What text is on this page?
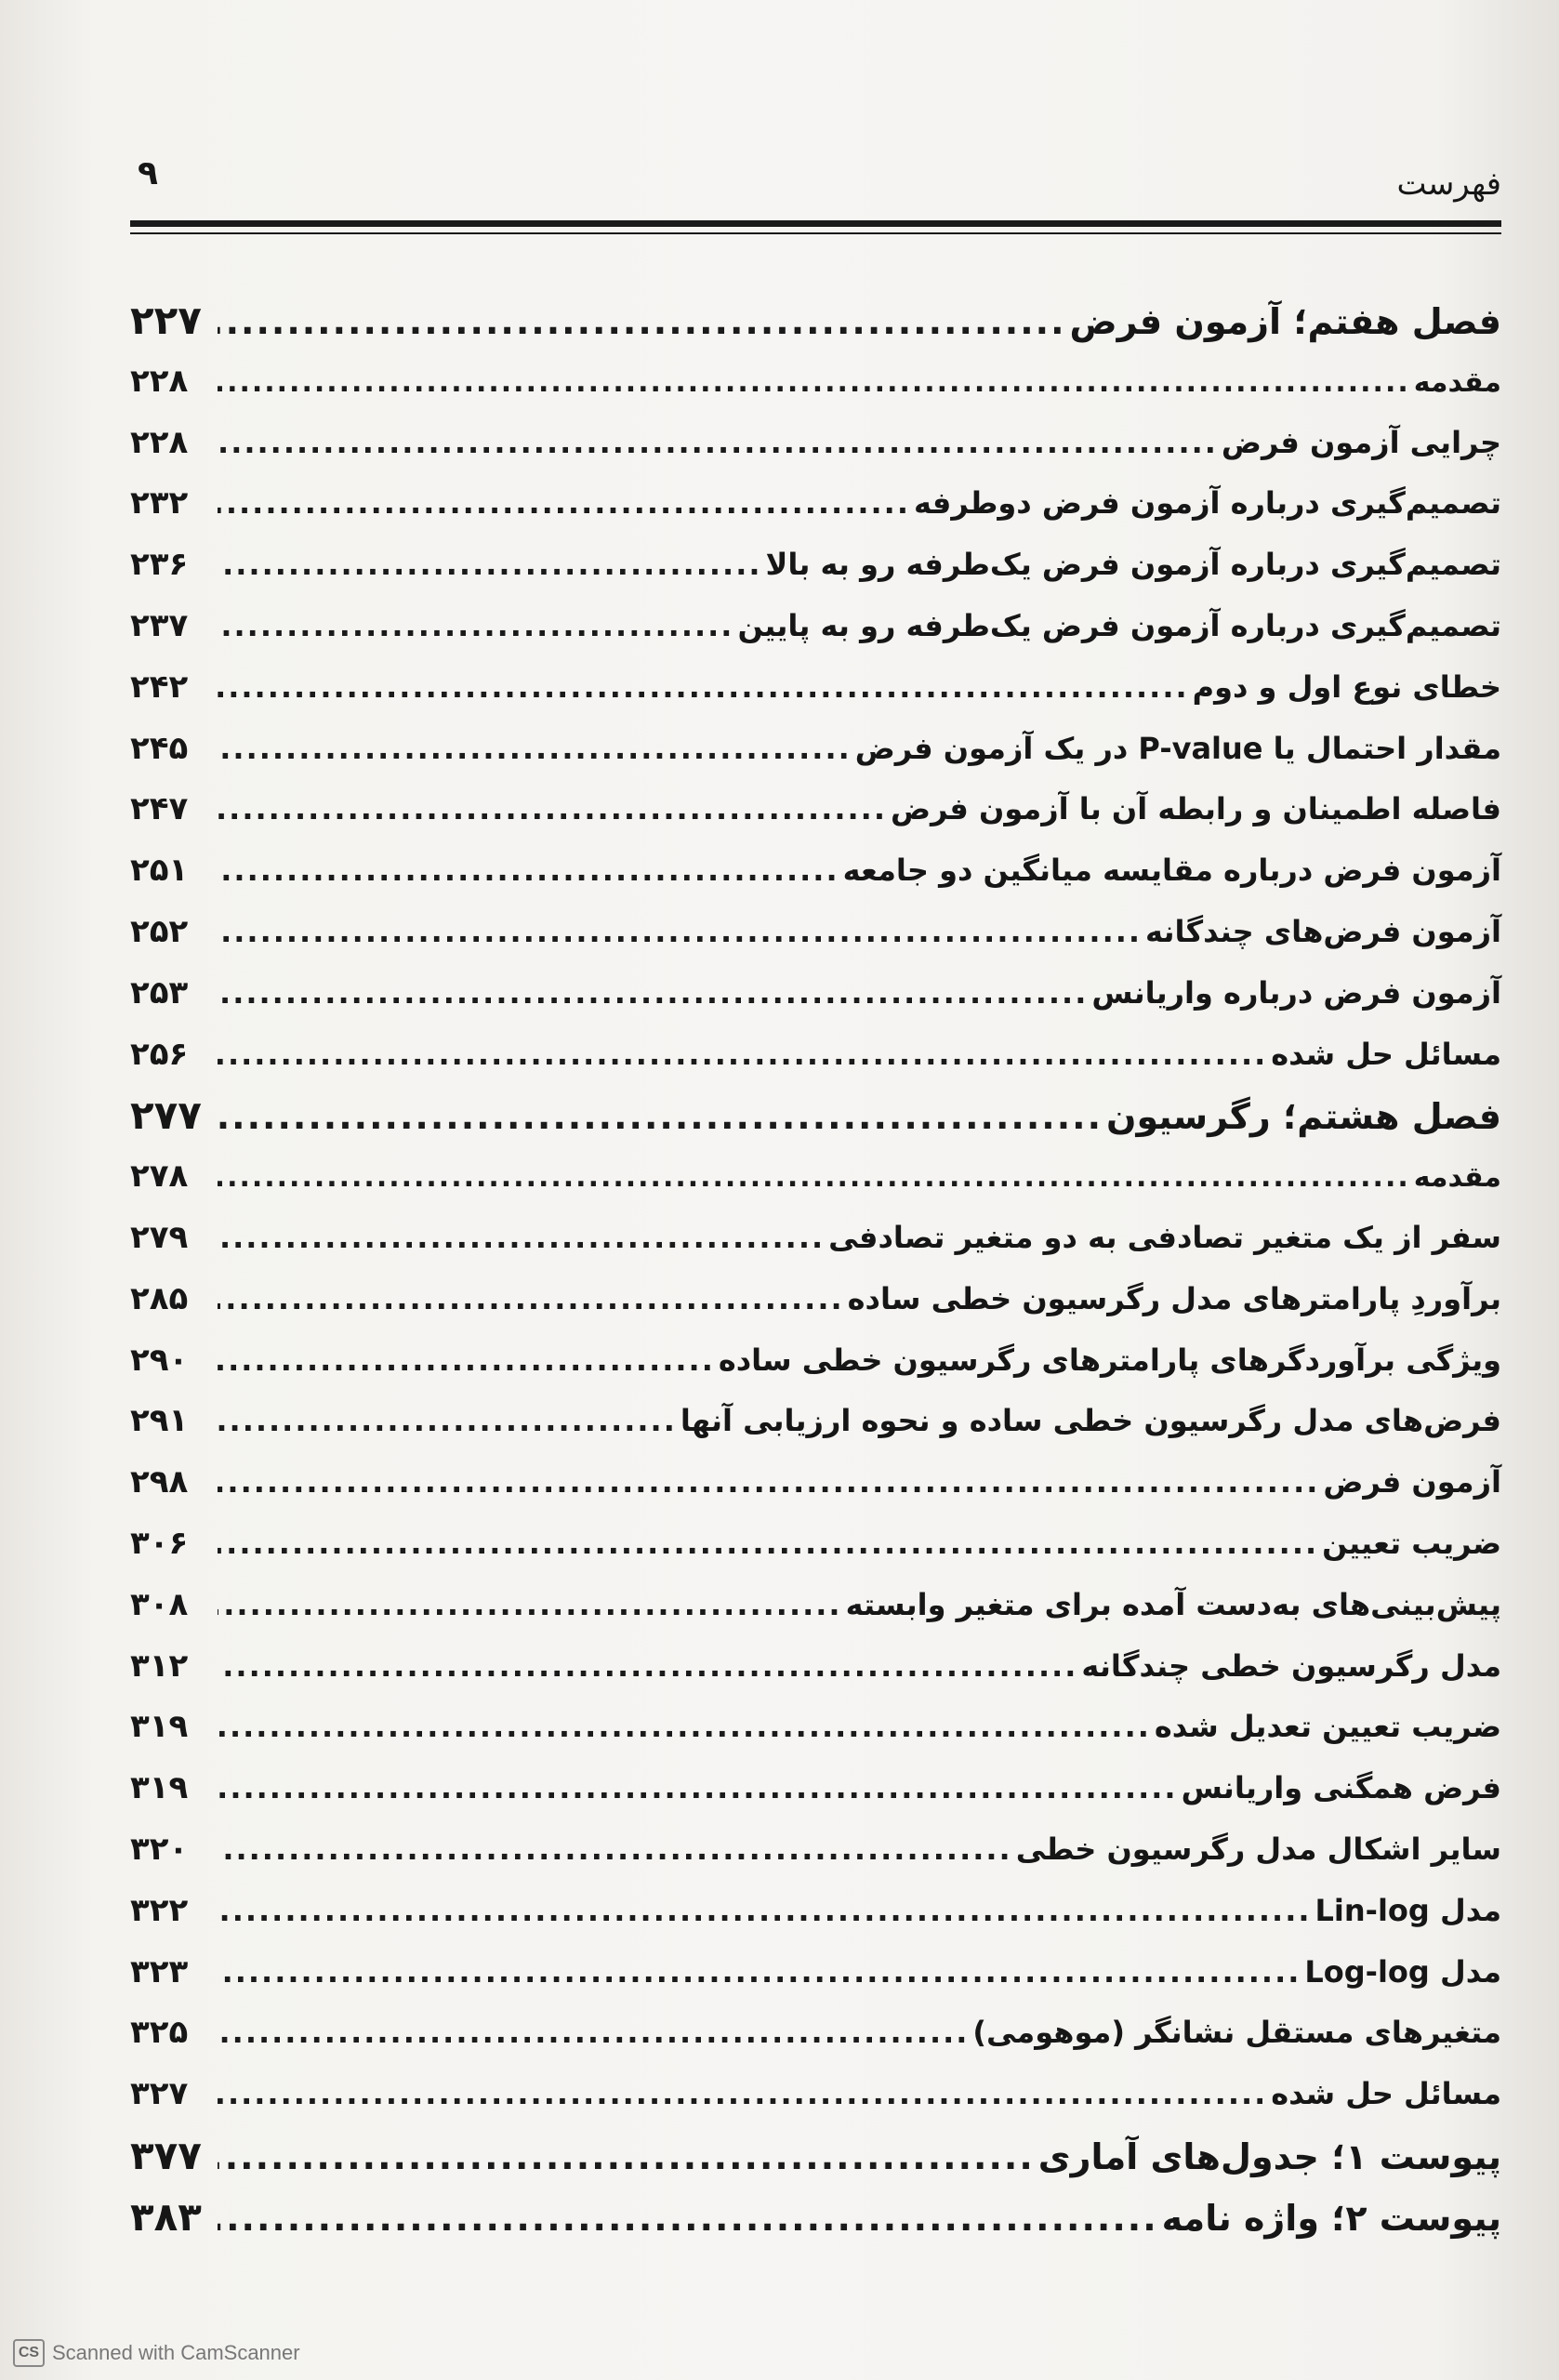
فهرست
۹
فصل هفتم؛ آزمون فرض
.....
۲۲۷
مقدمه
.....
۲۲۸
چرایی آزمون فرض
.....
۲۲۸
تصمیم‌گیری درباره آزمون فرض دوطرفه
.....
۲۳۲
تصمیم‌گیری درباره آزمون فرض یک‌طرفه رو به بالا
.....
۲۳۶
تصمیم‌گیری درباره آزمون فرض یک‌طرفه رو به پایین
.....
۲۳۷
خطای نوع اول و دوم
.....
۲۴۲
مقدار احتمال یا P-value در یک آزمون فرض
.....
۲۴۵
فاصله اطمینان و رابطه آن با آزمون فرض
.....
۲۴۷
آزمون فرض درباره مقایسه میانگین دو جامعه
.....
۲۵۱
آزمون فرض‌های چندگانه
.....
۲۵۲
آزمون فرض درباره واریانس
.....
۲۵۳
مسائل حل شده
.....
۲۵۶
فصل هشتم؛ رگرسیون
.....
۲۷۷
مقدمه
.....
۲۷۸
سفر از یک متغیر تصادفی به دو متغیر تصادفی
.....
۲۷۹
برآوردِ پارامترهای مدل رگرسیون خطی ساده
.....
۲۸۵
ویژگی برآوردگرهای پارامترهای رگرسیون خطی ساده
.....
۲۹۰
فرض‌های مدل رگرسیون خطی ساده و نحوه ارزیابی آنها
.....
۲۹۱
آزمون فرض
.....
۲۹۸
ضریب تعیین
.....
۳۰۶
پیش‌بینی‌های به‌دست آمده برای متغیر وابسته
.....
۳۰۸
مدل رگرسیون خطی چندگانه
.....
۳۱۲
ضریب تعیین تعدیل شده
.....
۳۱۹
فرض همگنی واریانس
.....
۳۱۹
سایر اشکال مدل رگرسیون خطی
.....
۳۲۰
مدل Lin-log
.....
۳۲۲
مدل Log-log
.....
۳۲۳
متغیرهای مستقل نشانگر (موهومی)
.....
۳۲۵
مسائل حل شده
.....
۳۲۷
پیوست ۱؛ جدول‌های آماری
.....
۳۷۷
پیوست ۲؛ واژه نامه
.....
۳۸۳
CS Scanned with CamScanner
